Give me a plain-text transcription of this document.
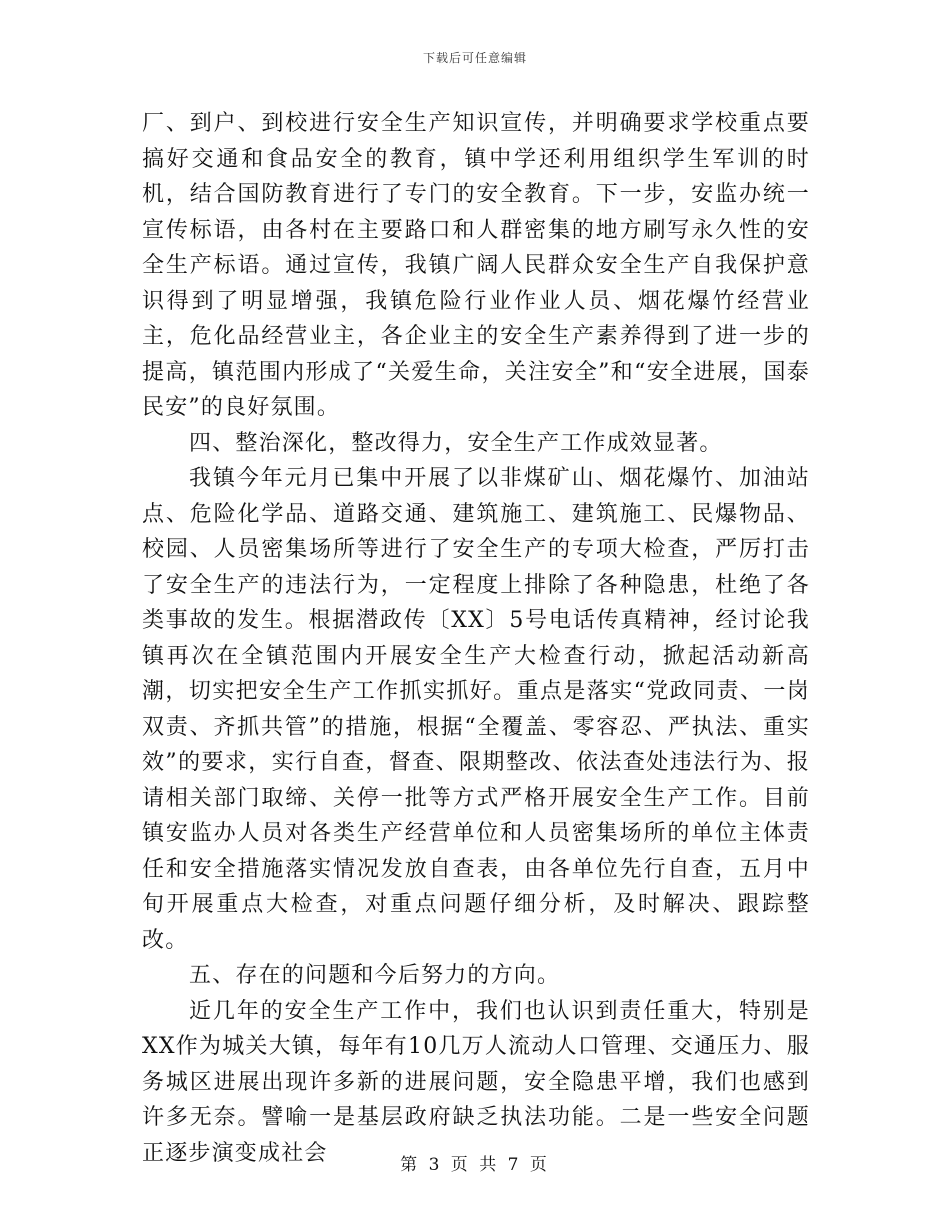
下载后可任意编辑

厂、到户、到校进行安全生产知识宣传，并明确要求学校重点要搞好交通和食品安全的教育，镇中学还利用组织学生军训的时机，结合国防教育进行了专门的安全教育。下一步，安监办统一宣传标语，由各村在主要路口和人群密集的地方刷写永久性的安全生产标语。通过宣传，我镇广阔人民群众安全生产自我保护意识得到了明显增强，我镇危险行业作业人员、烟花爆竹经营业主，危化品经营业主，各企业主的安全生产素养得到了进一步的提高，镇范围内形成了“关爱生命，关注安全”和“安全进展，国泰民安”的良好氛围。

四、整治深化，整改得力，安全生产工作成效显著。

我镇今年元月已集中开展了以非煤矿山、烟花爆竹、加油站点、危险化学品、道路交通、建筑施工、建筑施工、民爆物品、校园、人员密集场所等进行了安全生产的专项大检查，严厉打击了安全生产的违法行为，一定程度上排除了各种隐患，杜绝了各类事故的发生。根据潜政传〔XX〕5号电话传真精神，经讨论我镇再次在全镇范围内开展安全生产大检查行动，掀起活动新高潮，切实把安全生产工作抓实抓好。重点是落实“党政同责、一岗双责、齐抓共管”的措施，根据“全覆盖、零容忍、严执法、重实效”的要求，实行自查，督查、限期整改、依法查处违法行为、报请相关部门取缔、关停一批等方式严格开展安全生产工作。目前镇安监办人员对各类生产经营单位和人员密集场所的单位主体责任和安全措施落实情况发放自查表，由各单位先行自查，五月中旬开展重点大检查，对重点问题仔细分析，及时解决、跟踪整改。

五、存在的问题和今后努力的方向。

近几年的安全生产工作中，我们也认识到责任重大，特别是XX作为城关大镇，每年有10几万人流动人口管理、交通压力、服务城区进展出现许多新的进展问题，安全隐患平增，我们也感到许多无奈。譬喻一是基层政府缺乏执法功能。二是一些安全问题正逐步演变成社会	第 3 页 共 7 页
